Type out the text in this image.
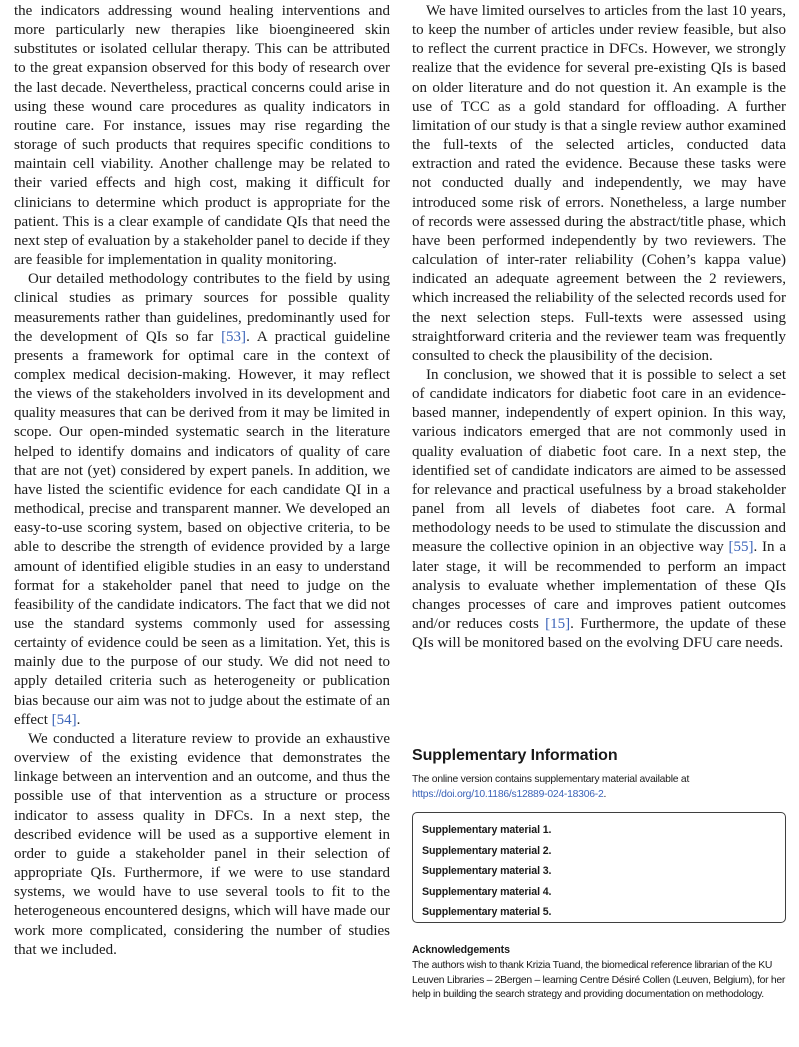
the indicators addressing wound healing interventions and more particularly new therapies like bioengineered skin substitutes or isolated cellular therapy. This can be attributed to the great expansion observed for this body of research over the last decade. Nevertheless, practical concerns could arise in using these wound care procedures as quality indicators in routine care. For instance, issues may rise regarding the storage of such products that requires specific conditions to maintain cell viability. Another challenge may be related to their varied effects and high cost, making it difficult for clinicians to determine which product is appropriate for the patient. This is a clear example of candidate QIs that need the next step of evaluation by a stakeholder panel to decide if they are feasible for implementation in quality monitoring.

Our detailed methodology contributes to the field by using clinical studies as primary sources for possible quality measurements rather than guidelines, predominantly used for the development of QIs so far [53]. A practical guideline presents a framework for optimal care in the context of complex medical decision-making. However, it may reflect the views of the stakeholders involved in its development and quality measures that can be derived from it may be limited in scope. Our open-minded systematic search in the literature helped to identify domains and indicators of quality of care that are not (yet) considered by expert panels. In addition, we have listed the scientific evidence for each candidate QI in a methodical, precise and transparent manner. We developed an easy-to-use scoring system, based on objective criteria, to be able to describe the strength of evidence provided by a large amount of identified eligible studies in an easy to understand format for a stakeholder panel that need to judge on the feasibility of the candidate indicators. The fact that we did not use the standard systems commonly used for assessing certainty of evidence could be seen as a limitation. Yet, this is mainly due to the purpose of our study. We did not need to apply detailed criteria such as heterogeneity or publication bias because our aim was not to judge about the estimate of an effect [54].

We conducted a literature review to provide an exhaustive overview of the existing evidence that demonstrates the linkage between an intervention and an outcome, and thus the possible use of that intervention as a structure or process indicator to assess quality in DFCs. In a next step, the described evidence will be used as a supportive element in order to guide a stakeholder panel in their selection of appropriate QIs. Furthermore, if we were to use standard systems, we would have to use several tools to fit to the heterogeneous encountered designs, which will have made our work more complicated, considering the number of studies that we included.

We have limited ourselves to articles from the last 10 years, to keep the number of articles under review feasible, but also to reflect the current practice in DFCs. However, we strongly realize that the evidence for several pre-existing QIs is based on older literature and do not question it. An example is the use of TCC as a gold standard for offloading. A further limitation of our study is that a single review author examined the full-texts of the selected articles, conducted data extraction and rated the evidence. Because these tasks were not conducted dually and independently, we may have introduced some risk of errors. Nonetheless, a large number of records were assessed during the abstract/title phase, which have been performed independently by two reviewers. The calculation of inter-rater reliability (Cohen’s kappa value) indicated an adequate agreement between the 2 reviewers, which increased the reliability of the selected records used for the next selection steps. Full-texts were assessed using straightforward criteria and the reviewer team was frequently consulted to check the plausibility of the decision.

In conclusion, we showed that it is possible to select a set of candidate indicators for diabetic foot care in an evidence-based manner, independently of expert opinion. In this way, various indicators emerged that are not commonly used in quality evaluation of diabetic foot care. In a next step, the identified set of candidate indicators are aimed to be assessed for relevance and practical usefulness by a broad stakeholder panel from all levels of diabetes foot care. A formal methodology needs to be used to stimulate the discussion and measure the collective opinion in an objective way [55]. In a later stage, it will be recommended to perform an impact analysis to evaluate whether implementation of these QIs changes processes of care and improves patient outcomes and/or reduces costs [15]. Furthermore, the update of these QIs will be monitored based on the evolving DFU care needs.

Supplementary Information

The online version contains supplementary material available at https://doi.org/10.1186/s12889-024-18306-2.

Supplementary material 1.
Supplementary material 2.
Supplementary material 3.
Supplementary material 4.
Supplementary material 5.
Acknowledgements

The authors wish to thank Krizia Tuand, the biomedical reference librarian of the KU Leuven Libraries – 2Bergen – learning Centre Désiré Collen (Leuven, Belgium), for her help in building the search strategy and providing documentation on methodology.
